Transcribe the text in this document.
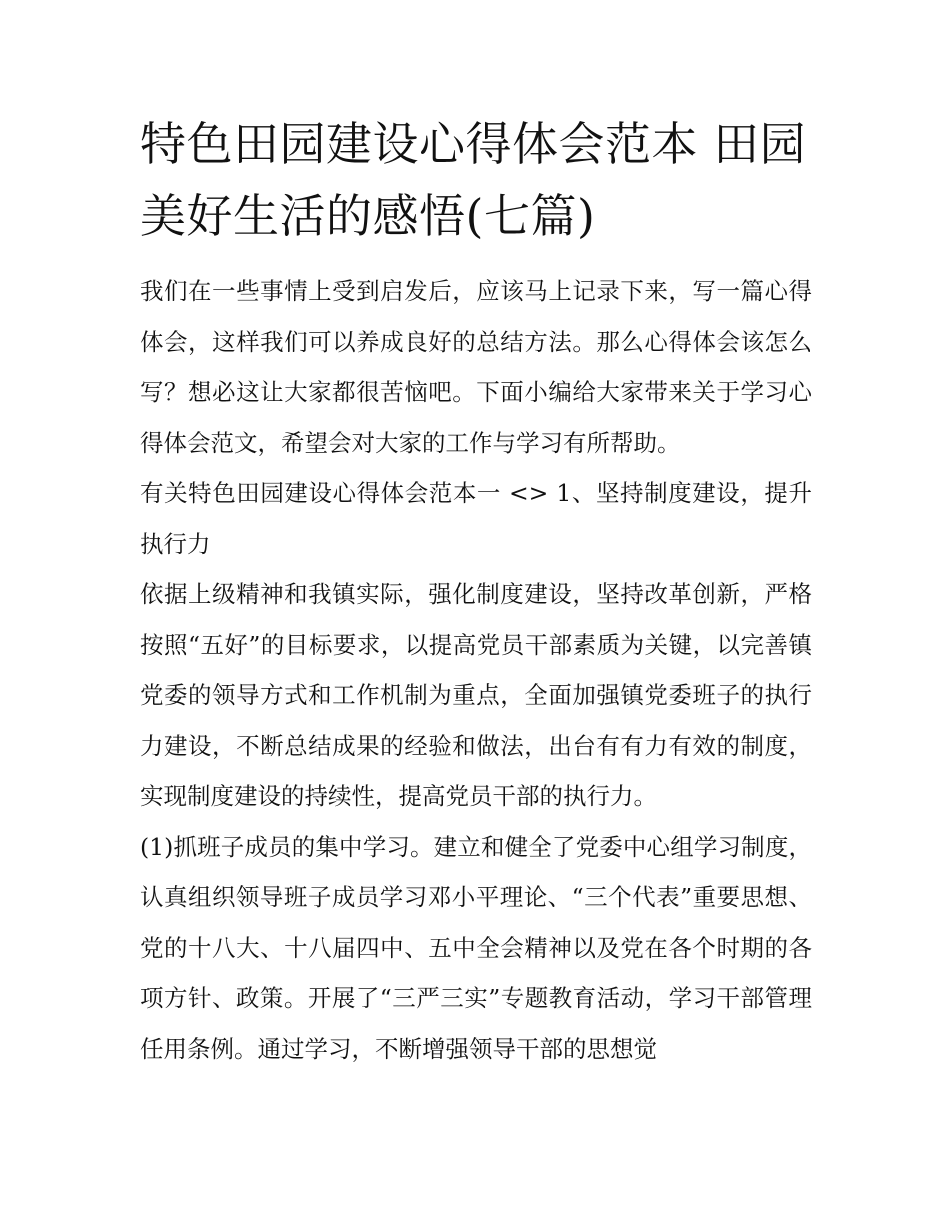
特色田园建设心得体会范本 田园美好生活的感悟(七篇)

我们在一些事情上受到启发后，应该马上记录下来，写一篇心得体会，这样我们可以养成良好的总结方法。那么心得体会该怎么写？想必这让大家都很苦恼吧。下面小编给大家带来关于学习心得体会范文，希望会对大家的工作与学习有所帮助。

有关特色田园建设心得体会范本一 <> 1、坚持制度建设，提升执行力

依据上级精神和我镇实际，强化制度建设，坚持改革创新，严格按照“五好”的目标要求，以提高党员干部素质为关键，以完善镇党委的领导方式和工作机制为重点，全面加强镇党委班子的执行力建设，不断总结成果的经验和做法，出台有有力有效的制度，实现制度建设的持续性，提高党员干部的执行力。

(1)抓班子成员的集中学习。建立和健全了党委中心组学习制度，认真组织领导班子成员学习邓小平理论、“三个代表”重要思想、党的十八大、十八届四中、五中全会精神以及党在各个时期的各项方针、政策。开展了“三严三实”专题教育活动，学习干部管理任用条例。通过学习，不断增强领导干部的思想觉
